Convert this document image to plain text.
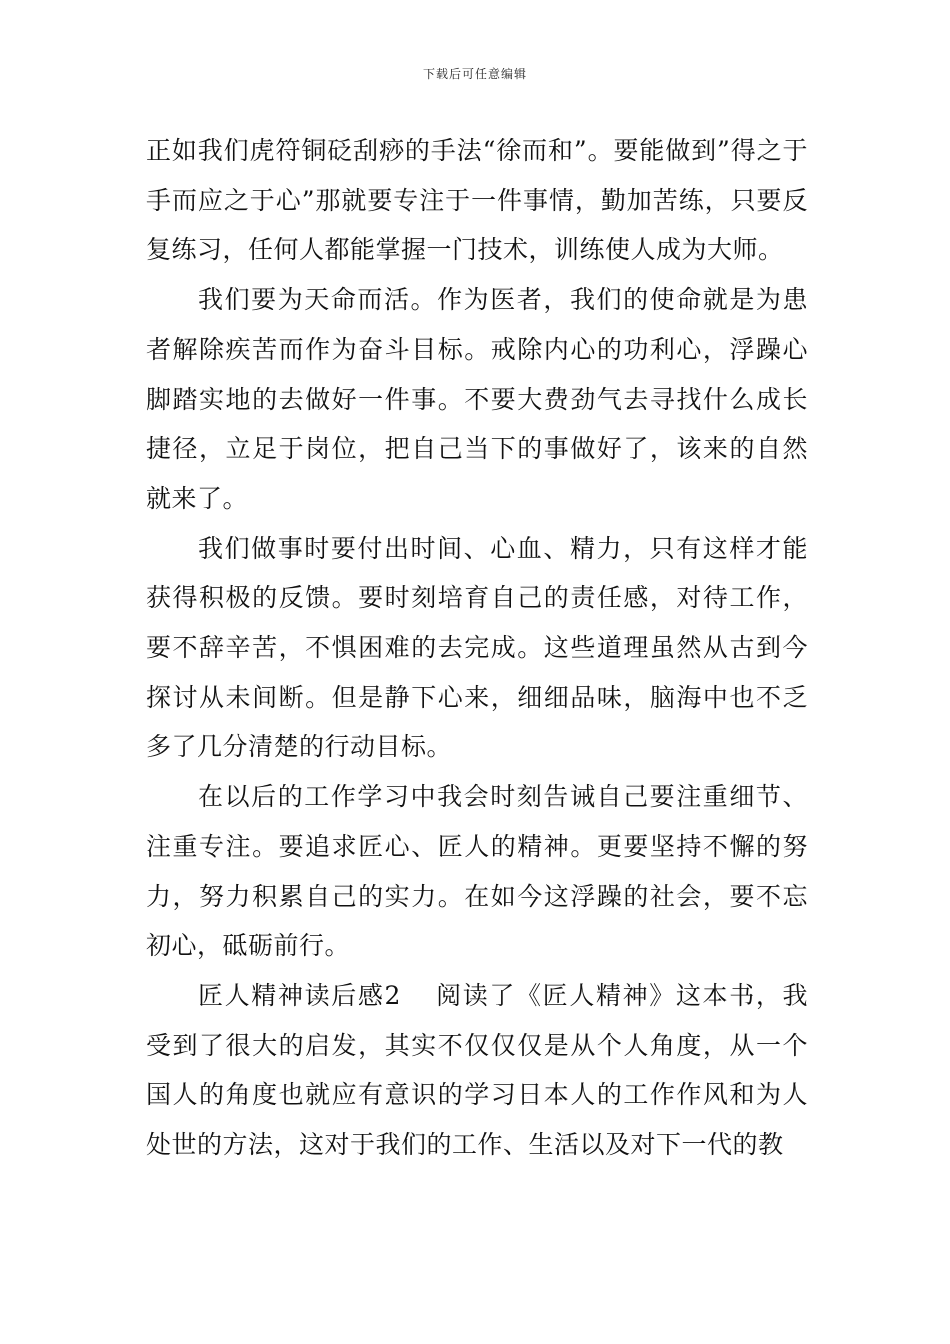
下载后可任意编辑

正如我们虎符铜砭刮痧的手法“徐而和”。要能做到”得之于手而应之于心”那就要专注于一件事情，勤加苦练，只要反复练习，任何人都能掌握一门技术，训练使人成为大师。

我们要为天命而活。作为医者，我们的使命就是为患者解除疾苦而作为奋斗目标。戒除内心的功利心，浮躁心脚踏实地的去做好一件事。不要大费劲气去寻找什么成长捷径，立足于岗位，把自己当下的事做好了，该来的自然就来了。

我们做事时要付出时间、心血、精力，只有这样才能获得积极的反馈。要时刻培育自己的责任感，对待工作，要不辞辛苦，不惧困难的去完成。这些道理虽然从古到今探讨从未间断。但是静下心来，细细品味，脑海中也不乏多了几分清楚的行动目标。

在以后的工作学习中我会时刻告诫自己要注重细节、注重专注。要追求匠心、匠人的精神。更要坚持不懈的努力，努力积累自己的实力。在如今这浮躁的社会，要不忘初心，砥砺前行。

匠人精神读后感2 阅读了《匠人精神》这本书，我受到了很大的启发，其实不仅仅仅是从个人角度，从一个国人的角度也就应有意识的学习日本人的工作作风和为人处世的方法，这对于我们的工作、生活以及对下一代的教
